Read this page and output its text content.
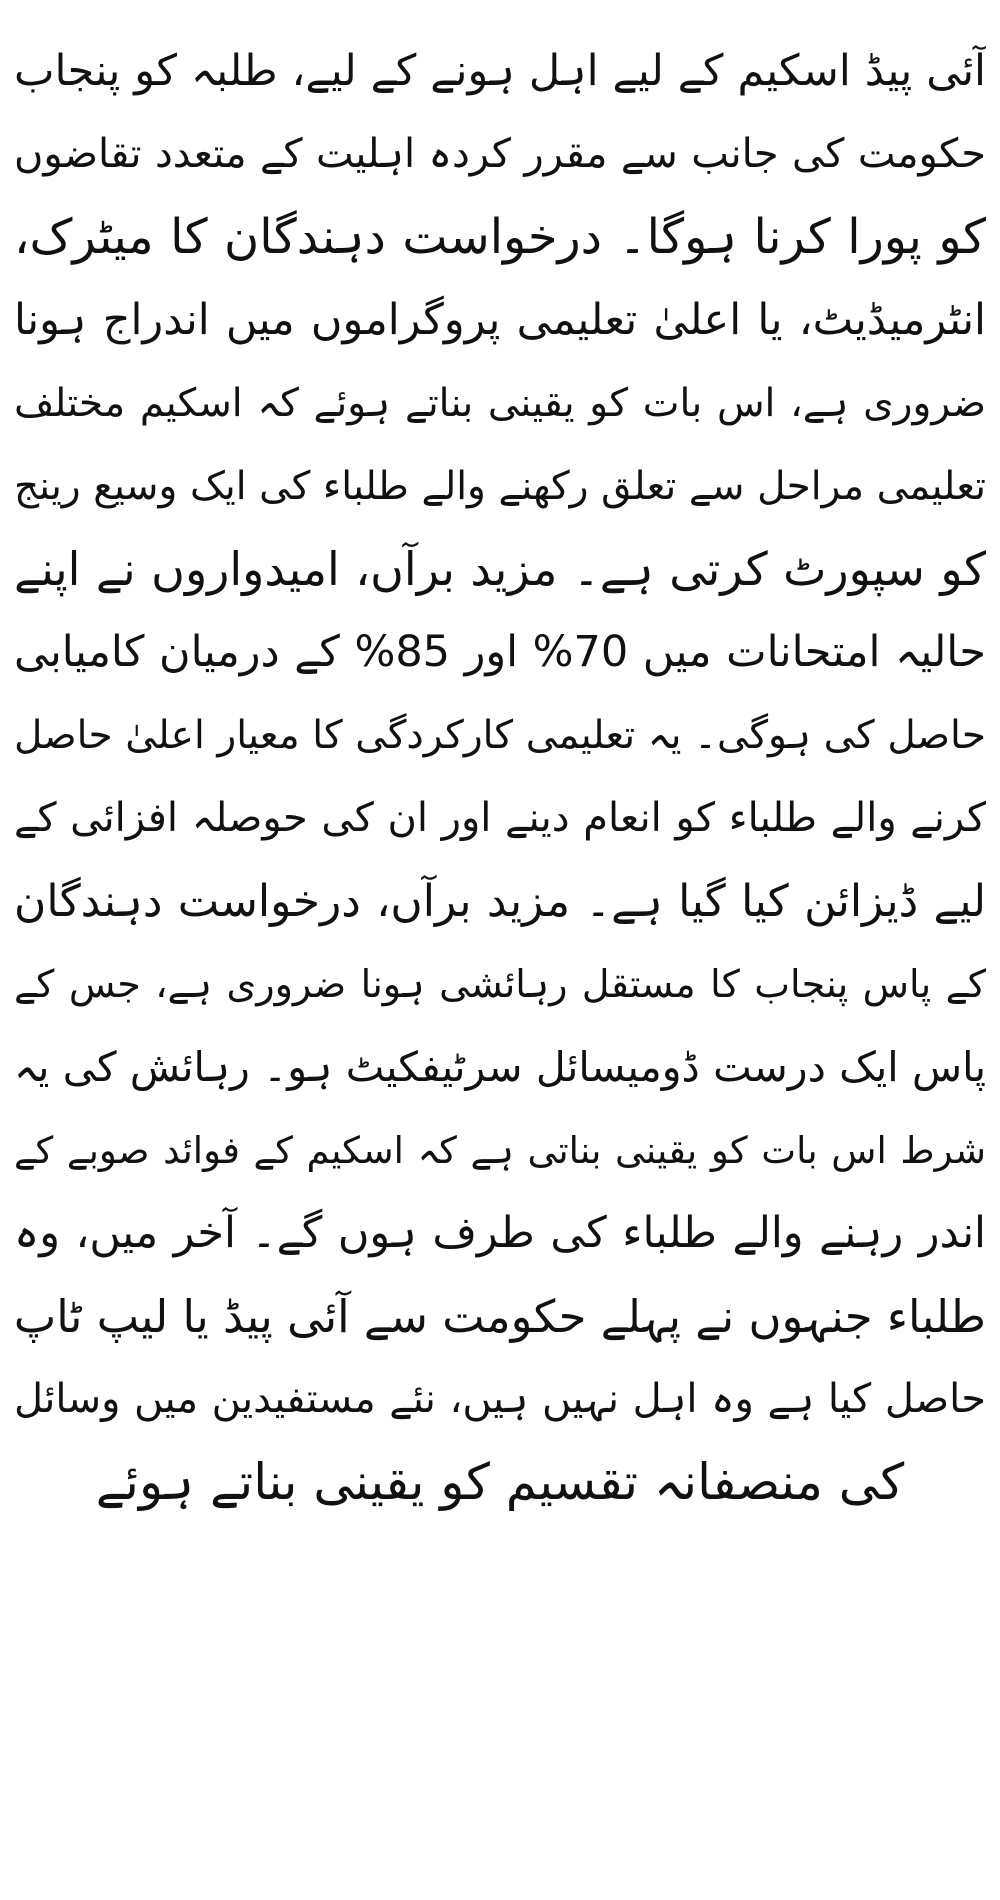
آئی پیڈ اسکیم کے لیے اہل ہونے کے لیے، طلبہ کو پنجاب
حکومت کی جانب سے مقرر کردہ اہلیت کے متعدد تقاضوں
کو پورا کرنا ہوگا۔ درخواست دہندگان کا میٹرک،
انٹرمیڈیٹ، یا اعلیٰ تعلیمی پروگراموں میں اندراج ہونا
ضروری ہے، اس بات کو یقینی بناتے ہوئے کہ اسکیم مختلف
تعلیمی مراحل سے تعلق رکھنے والے طلباء کی ایک وسیع رینج
کو سپورٹ کرتی ہے۔ مزید برآں، امیدواروں نے اپنے
حالیہ امتحانات میں 70% اور 85% کے درمیان کامیابی
حاصل کی ہوگی۔ یہ تعلیمی کارکردگی کا معیار اعلیٰ حاصل
کرنے والے طلباء کو انعام دینے اور ان کی حوصلہ افزائی کے
لیے ڈیزائن کیا گیا ہے۔ مزید برآں، درخواست دہندگان
کے پاس پنجاب کا مستقل رہائشی ہونا ضروری ہے، جس کے
پاس ایک درست ڈومیسائل سرٹیفکیٹ ہو۔ رہائش کی یہ
شرط اس بات کو یقینی بناتی ہے کہ اسکیم کے فوائد صوبے کے
اندر رہنے والے طلباء کی طرف ہوں گے۔ آخر میں، وہ
طلباء جنہوں نے پہلے حکومت سے آئی پیڈ یا لیپ ٹاپ
حاصل کیا ہے وہ اہل نہیں ہیں، نئے مستفیدین میں وسائل
کی منصفانہ تقسیم کو یقینی بناتے ہوئے
